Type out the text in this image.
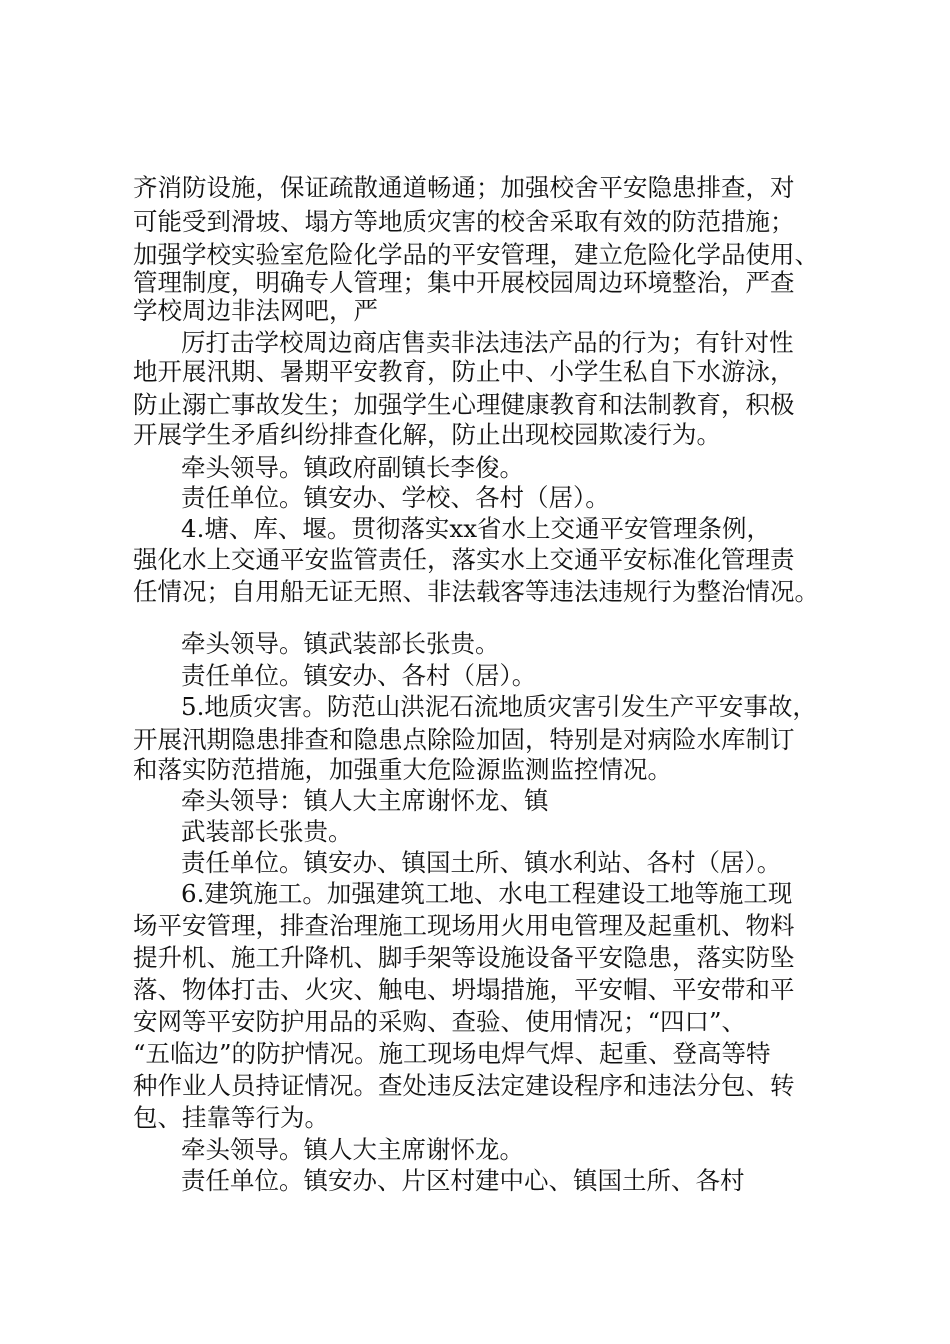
齐消防设施，保证疏散通道畅通；加强校舍平安隐患排查，对
可能受到滑坡、塌方等地质灾害的校舍采取有效的防范措施；
加强学校实验室危险化学品的平安管理，建立危险化学品使用、
管理制度，明确专人管理；集中开展校园周边环境整治，严查
学校周边非法网吧，严
厉打击学校周边商店售卖非法违法产品的行为；有针对性
地开展汛期、暑期平安教育，防止中、小学生私自下水游泳，
防止溺亡事故发生；加强学生心理健康教育和法制教育，积极
开展学生矛盾纠纷排查化解，防止出现校园欺凌行为。
牵头领导。镇政府副镇长李俊。
责任单位。镇安办、学校、各村（居）。
4.塘、库、堰。贯彻落实xx省水上交通平安管理条例，
强化水上交通平安监管责任，落实水上交通平安标准化管理责
任情况；自用船无证无照、非法载客等违法违规行为整治情况。
牵头领导。镇武装部长张贵。
责任单位。镇安办、各村（居）。
5.地质灾害。防范山洪泥石流地质灾害引发生产平安事故，
开展汛期隐患排查和隐患点除险加固，特别是对病险水库制订
和落实防范措施，加强重大危险源监测监控情况。
牵头领导：镇人大主席谢怀龙、镇
武装部长张贵。
责任单位。镇安办、镇国土所、镇水利站、各村（居）。
6.建筑施工。加强建筑工地、水电工程建设工地等施工现
场平安管理，排查治理施工现场用火用电管理及起重机、物料
提升机、施工升降机、脚手架等设施设备平安隐患，落实防坠
落、物体打击、火灾、触电、坍塌措施，平安帽、平安带和平
安网等平安防护用品的采购、查验、使用情况；“四口”、
“五临边”的防护情况。施工现场电焊气焊、起重、登高等特
种作业人员持证情况。查处违反法定建设程序和违法分包、转
包、挂靠等行为。
牵头领导。镇人大主席谢怀龙。
责任单位。镇安办、片区村建中心、镇国土所、各村
